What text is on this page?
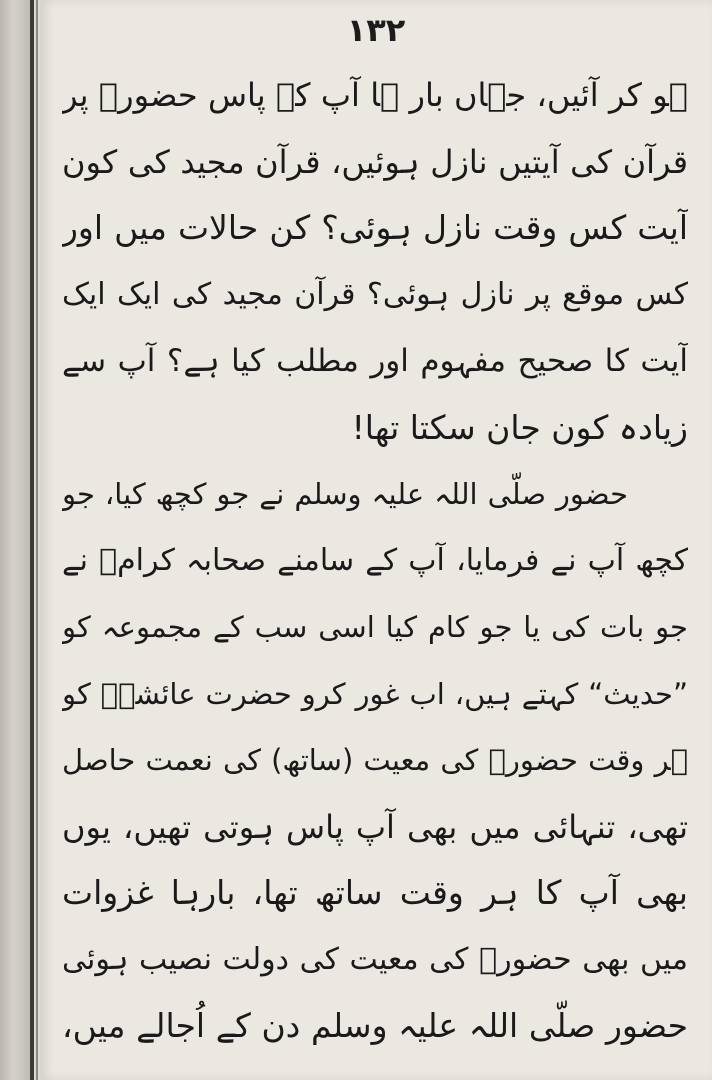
۱۳۲
ہو کر آئیں، جہاں بار ہا آپ کے پاس حضورؐ پر
قرآن کی آیتیں نازل ہوئیں، قرآن مجید کی کون
آیت کس وقت نازل ہوئی؟ کن حالات میں اور
کس موقع پر نازل ہوئی؟ قرآن مجید کی ایک ایک
آیت کا صحیح مفہوم اور مطلب کیا ہے؟ آپ سے
زیادہ کون جان سکتا تھا!
حضور صلّی اللہ علیہ وسلم نے جو کچھ کیا، جو
کچھ آپ نے فرمایا، آپ کے سامنے صحابہ کرامؓ نے
جو بات کی یا جو کام کیا اسی سب کے مجموعہ کو
”حدیث“ کہتے ہیں، اب غور کرو حضرت عائشہؓ کو
ہر وقت حضورؐ کی معیت (ساتھ) کی نعمت حاصل
تھی، تنہائی میں بھی آپ پاس ہوتی تھیں، یوں
بھی آپ کا ہر وقت ساتھ تھا، بارہا غزوات
میں بھی حضورؐ کی معیت کی دولت نصیب ہوئی
حضور صلّی اللہ علیہ وسلم دن کے اُجالے میں،
